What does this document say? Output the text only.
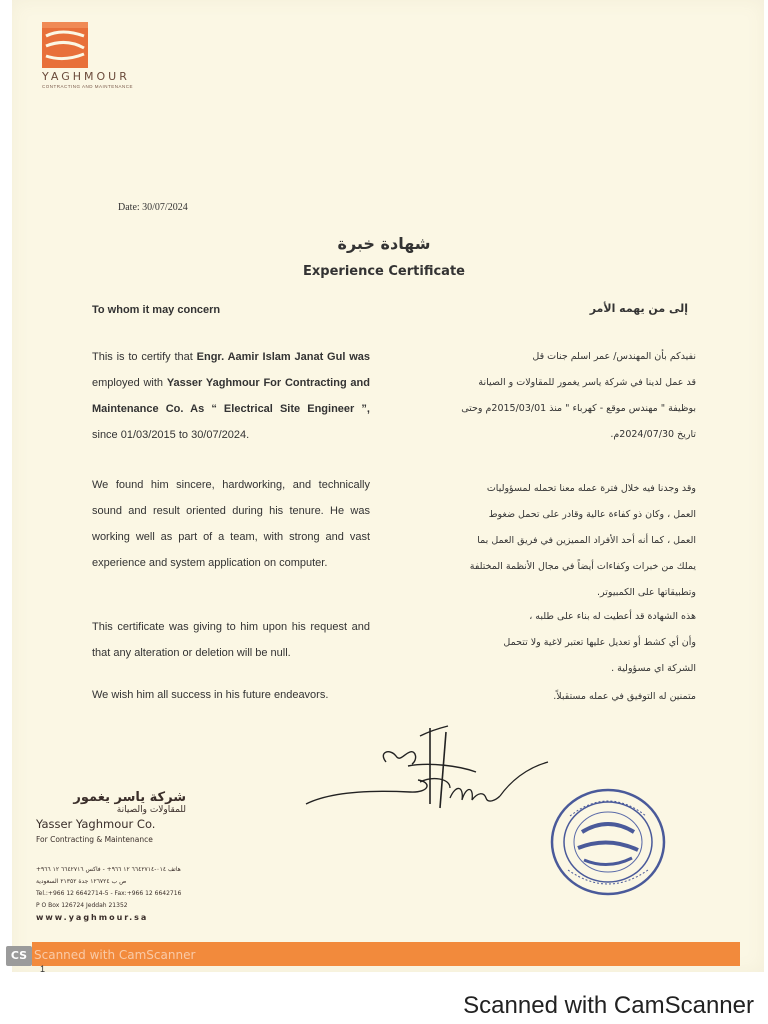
YAGHMOUR
CONTRACTING AND MAINTENANCE
Date: 30/07/2024
شهادة خبرة
Experience Certificate
To whom it may concern	إلى من يهمه الأمر
This is to certify that Engr. Aamir Islam Janat Gul was employed with Yasser Yaghmour For Contracting and Maintenance Co. As “ Electrical Site Engineer ”, since 01/03/2015 to 30/07/2024.
We found him sincere, hardworking, and technically sound and result oriented during his tenure. He was working well as part of a team, with strong and vast experience and system application on computer.
This certificate was giving to him upon his request and that any alteration or deletion will be null.
We wish him all success in his future endeavors.
نفيدكم بأن المهندس/ عمر اسلم جنات قل
قد عمل لدينا في شركة ياسر يغمور للمقاولات و الصيانة
بوظيفة " مهندس موقع - كهرباء " منذ 2015/03/01م وحتى
تاريخ 2024/07/30م.
وقد وجدنا فيه خلال فترة عمله معنا تحمله لمسؤوليات
العمل ، وكان ذو كفاءة عالية وقادر على تحمل ضغوط
العمل ، كما أنه أحد الأفراد المميزين في فريق العمل بما
يملك من خبرات وكفاءات أيضاً في مجال الأنظمة المختلفة
وتطبيقاتها على الكمبيوتر.
هذه الشهادة قد أعطيت له بناء على طلبه ،
وأن أي كشط أو تعديل عليها تعتبر لاغية ولا تتحمل
الشركة اي مسؤولية .
متمنين له التوفيق في عمله مستقبلاً.
شركة ياسر يغمور
للمقاولات والصيانة
Yasser Yaghmour Co.
For Contracting & Maintenance
هاتف ٠١٤-٦٦٤٢٧١٤ ١٢ ٩٦٦+ - فاكس ٦٦٤٢٧١٦ ١٢ ٩٦٦+
ص ب ١٢٦٧٢٤ جدة ٢١٣٥٢ السعودية
Tel.:+966 12 6642714-5 - Fax:+966 12 6642716
P O Box 126724 Jeddah 21352
www.yaghmour.sa
CS Scanned with CamScanner
1
Scanned with CamScanner
